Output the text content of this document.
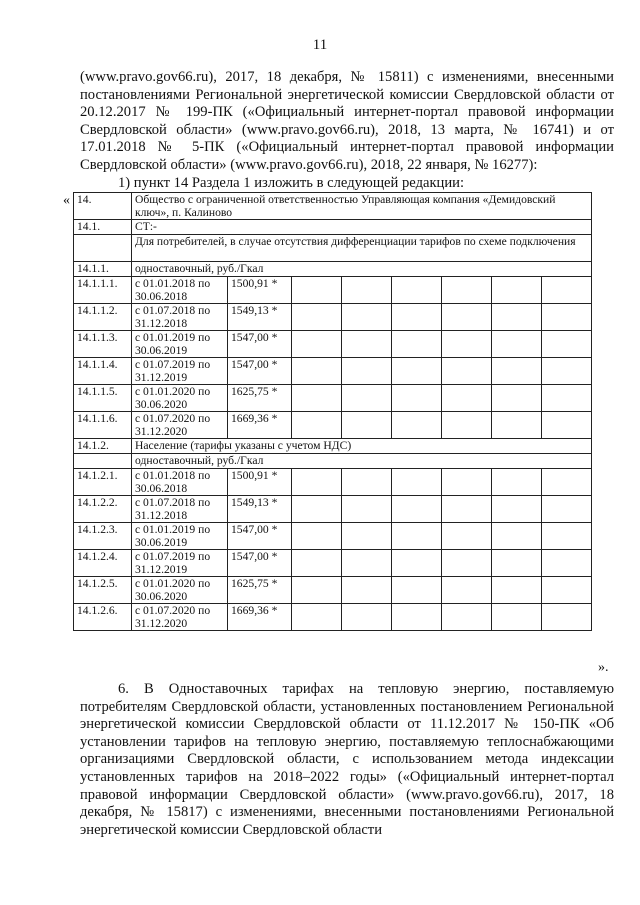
11

(www.pravo.gov66.ru), 2017, 18 декабря, № 15811) с изменениями, внесенными постановлениями Региональной энергетической комиссии Свердловской области от 20.12.2017 № 199-ПК («Официальный интернет-портал правовой информации Свердловской области» (www.pravo.gov66.ru), 2018, 13 марта, № 16741) и от 17.01.2018 № 5-ПК («Официальный интернет-портал правовой информации Свердловской области» (www.pravo.gov66.ru), 2018, 22 января, № 16277):

1) пункт 14 Раздела 1 изложить в следующей редакции:
« 14.	Общество с ограниченной ответственностью Управляющая компания «Демидовский ключ», п. Калиново							
14.1.	СТ:-							
	Для потребителей, в случае отсутствия дифференциации тарифов по схеме подключения							
14.1.1.	одноставочный, руб./Гкал							
14.1.1.1.	с 01.01.2018 по 30.06.2018	1500,91 *						
14.1.1.2.	с 01.07.2018 по 31.12.2018	1549,13 *						
14.1.1.3.	с 01.01.2019 по 30.06.2019	1547,00 *						
14.1.1.4.	с 01.07.2019 по 31.12.2019	1547,00 *						
14.1.1.5.	с 01.01.2020 по 30.06.2020	1625,75 *						
14.1.1.6.	с 01.07.2020 по 31.12.2020	1669,36 *						
14.1.2.	Население (тарифы указаны с учетом НДС)							
	одноставочный, руб./Гкал							
14.1.2.1.	с 01.01.2018 по 30.06.2018	1500,91 *						
14.1.2.2.	с 01.07.2018 по 31.12.2018	1549,13 *						
14.1.2.3.	с 01.01.2019 по 30.06.2019	1547,00 *						
14.1.2.4.	с 01.07.2019 по 31.12.2019	1547,00 *						
14.1.2.5.	с 01.01.2020 по 30.06.2020	1625,75 *						
14.1.2.6.	с 01.07.2020 по 31.12.2020	1669,36 *						
».

6. В Одноставочных тарифах на тепловую энергию, поставляемую потребителям Свердловской области, установленных постановлением Региональной энергетической комиссии Свердловской области от 11.12.2017 № 150-ПК «Об установлении тарифов на тепловую энергию, поставляемую теплоснабжающими организациями Свердловской области, с использованием метода индексации установленных тарифов на 2018–2022 годы» («Официальный интернет-портал правовой информации Свердловской области» (www.pravo.gov66.ru), 2017, 18 декабря, № 15817) с изменениями, внесенными постановлениями Региональной энергетической комиссии Свердловской области
